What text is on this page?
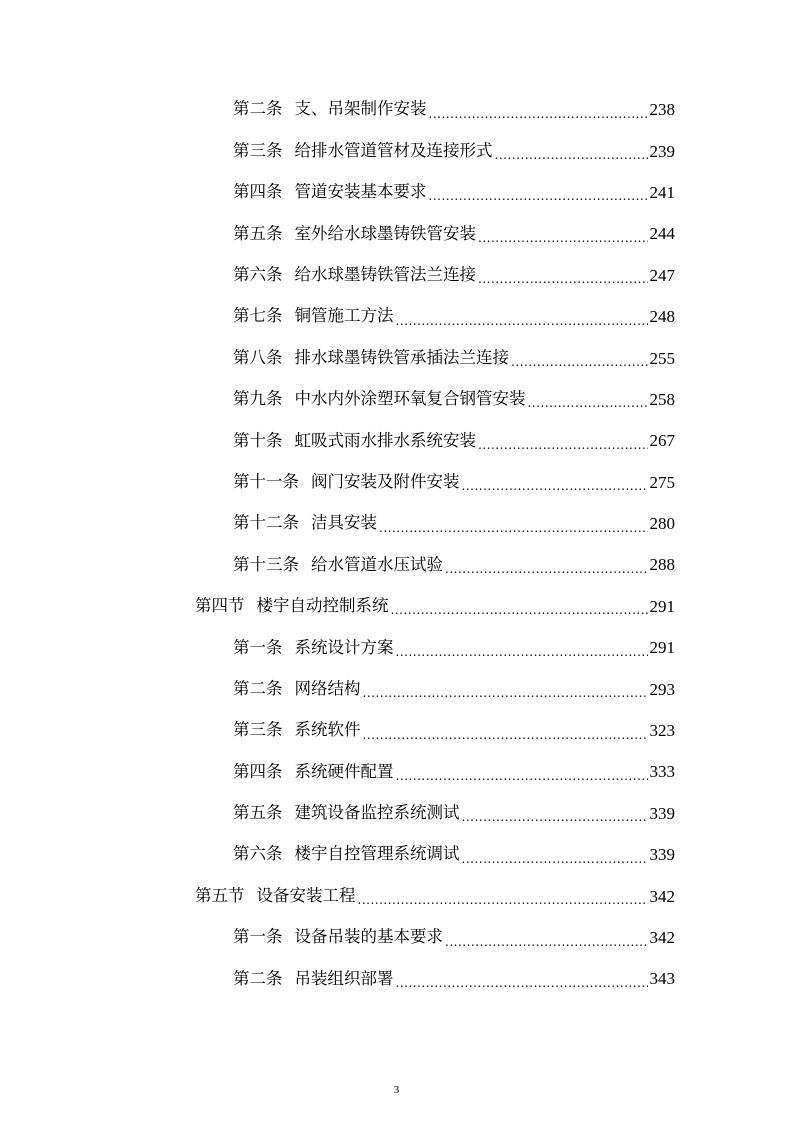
第二条 支、吊架制作安装 .....	238
第三条 给排水管道管材及连接形式 .....	239
第四条 管道安装基本要求 .....	241
第五条 室外给水球墨铸铁管安装 .....	244
第六条 给水球墨铸铁管法兰连接 .....	247
第七条 铜管施工方法 .....	248
第八条 排水球墨铸铁管承插法兰连接 .....	255
第九条 中水内外涂塑环氧复合钢管安装 .....	258
第十条 虹吸式雨水排水系统安装 .....	267
第十一条 阀门安装及附件安装 .....	275
第十二条 洁具安装 .....	280
第十三条 给水管道水压试验 .....	288
第四节 楼宇自动控制系统 .....	291
第一条 系统设计方案 .....	291
第二条 网络结构 .....	293
第三条 系统软件 .....	323
第四条 系统硬件配置 .....	333
第五条 建筑设备监控系统测试 .....	339
第六条 楼宇自控管理系统调试 .....	339
第五节 设备安装工程 .....	342
第一条 设备吊装的基本要求 .....	342
第二条 吊装组织部署 .....	343
3
